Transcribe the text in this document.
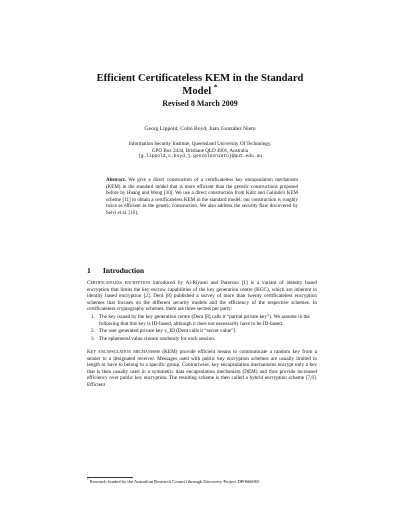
Efficient Certificateless KEM in the Standard
Model *
Revised 8 March 2009
Georg Lippold, Colin Boyd, Juan González Nieto
Information Security Institute, Queensland University Of Technology,
GPO Box 2434, Brisbane QLD 4001, Australia
{g.lippold,c.boyd,j.gonzaleznieto}@qut.edu.au
Abstract. We give a direct construction of a certificateless key encapsulation mechanism (KEM) in the standard model that is more efficient than the generic constructions proposed before by Huang and Wong [10]. We use a direct construction from Kiltz and Galindo's KEM scheme [11] to obtain a certificateless KEM in the standard model; our construction is roughly twice as efficient as the generic construction. We also address the security flaw discovered by Selvi et al. [16].
1 Introduction
Certificateless encryption introduced by Al-Riyami and Paterson [1] is a variant of identity based encryption that limits the key escrow capabilities of the key generation centre (KGC), which are inherent in identity based encryption [2]. Dent [8] published a survey of more than twenty certificateless encryption schemes that focuses on the different security models and the efficiency of the respective schemes. In certificateless cryptography schemes, there are three secrets per party:
1. The key issued by the key generation centre (Dent [8] calls it “partial private key”). We assume in the following that this key is ID-based, although it does not necessarily have to be ID-based.
2. The user generated private key x_ID (Dent calls it “secret value”).
3. The ephemeral value chosen randomly for each session.
Key encapsulation mechanisms (KEM) provide efficient means to communicate a random key from a sender to a designated receiver. Messages used with public key encryption schemes are usually limited in length or have to belong to a specific group. Contrariwise, key encapsulation mechanisms encrypt only a key that is then usually used in a symmetric data encapsulation mechanism (DEM) and thus provide increased efficiency over public key encryption. The resulting scheme is then called a hybrid encryption scheme [7,6]. Efficient
* Research funded by the Australian Research Council through Discovery Project DP0666065
